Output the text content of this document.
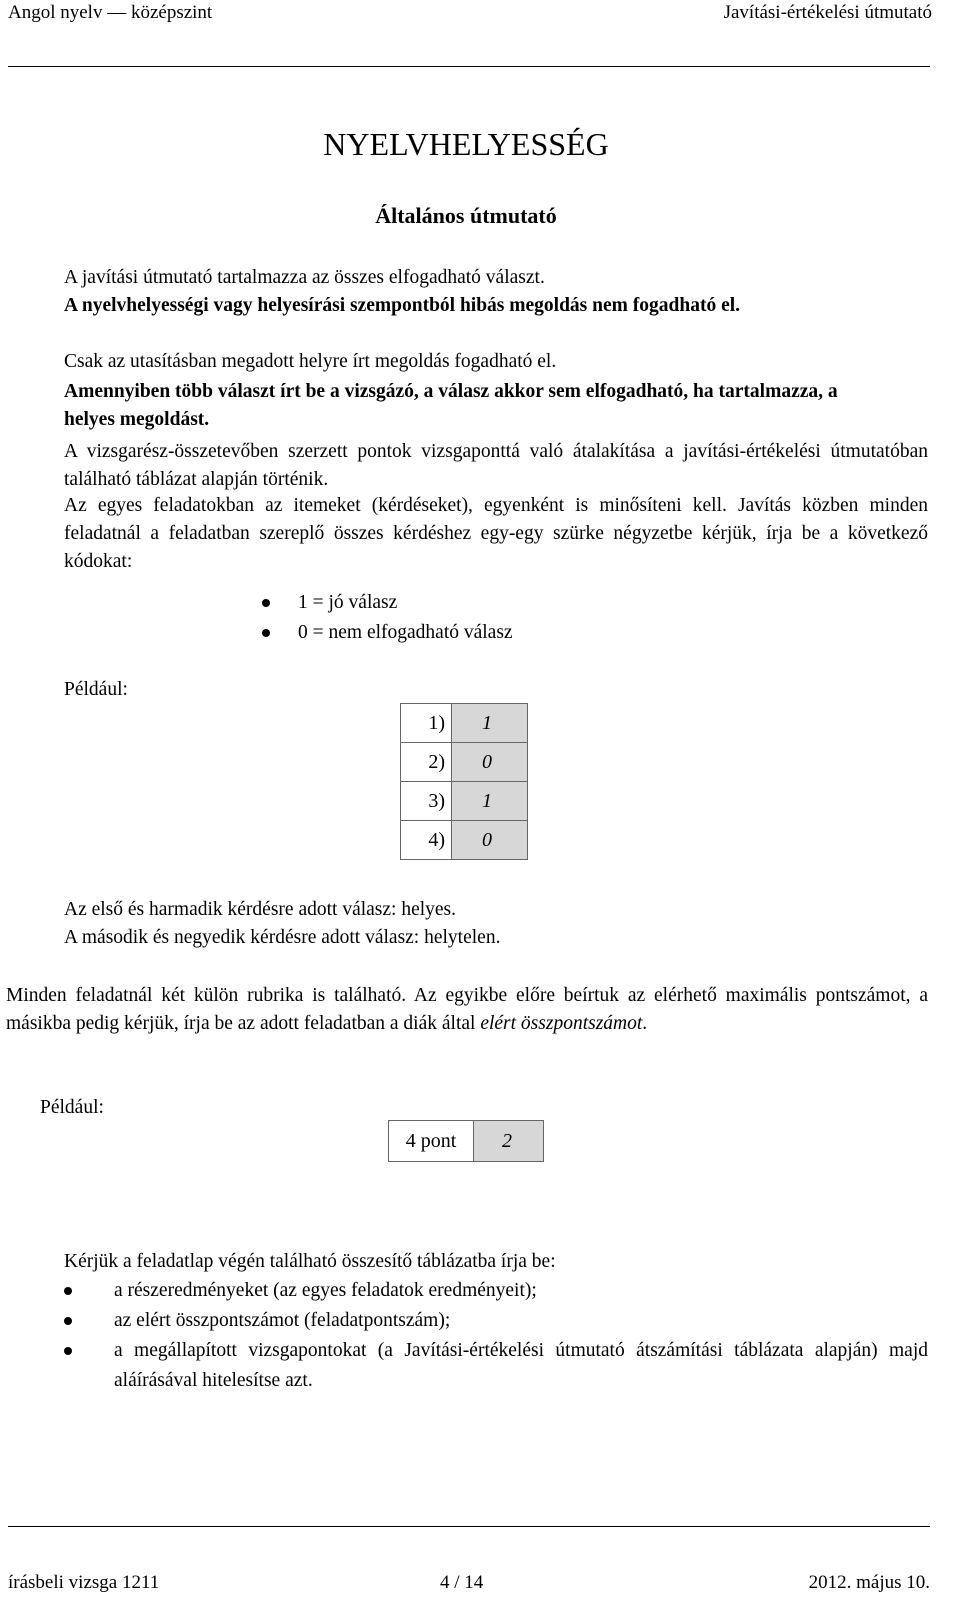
Angol nyelv — középszint	Javítási-értékelési útmutató
NYELVHELYESSÉG
Általános útmutató
A javítási útmutató tartalmazza az összes elfogadható választ.
A nyelvhelyességi vagy helyesírási szempontból hibás megoldás nem fogadható el.
Csak az utasításban megadott helyre írt megoldás fogadható el.
Amennyiben több választ írt be a vizsgázó, a válasz akkor sem elfogadható, ha tartalmazza, a helyes megoldást.
A vizsgarész-összetevőben szerzett pontok vizsgaponttá való átalakítása a javítási-értékelési útmutatóban található táblázat alapján történik.
Az egyes feladatokban az itemeket (kérdéseket), egyenként is minősíteni kell. Javítás közben minden feladatnál a feladatban szereplő összes kérdéshez egy-egy szürke négyzetbe kérjük, írja be a következő kódokat:
1 = jó válasz
0 = nem elfogadható válasz
Például:
1)	1
2)	0
3)	1
4)	0
Az első és harmadik kérdésre adott válasz: helyes.
A második és negyedik kérdésre adott válasz: helytelen.
Minden feladatnál két külön rubrika is található. Az egyikbe előre beírtuk az elérhető maximális pontszámot, a másikba pedig kérjük, írja be az adott feladatban a diák által elért összpontszámot.
Például:
4 pont	2
Kérjük a feladatlap végén található összesítő táblázatba írja be:
a részeredményeket (az egyes feladatok eredményeit);
az elért összpontszámot (feladatpontszám);
a megállapított vizsgapontokat (a Javítási-értékelési útmutató átszámítási táblázata alapján) majd aláírásával hitelesítse azt.
írásbeli vizsga 1211	4 / 14	2012. május 10.
